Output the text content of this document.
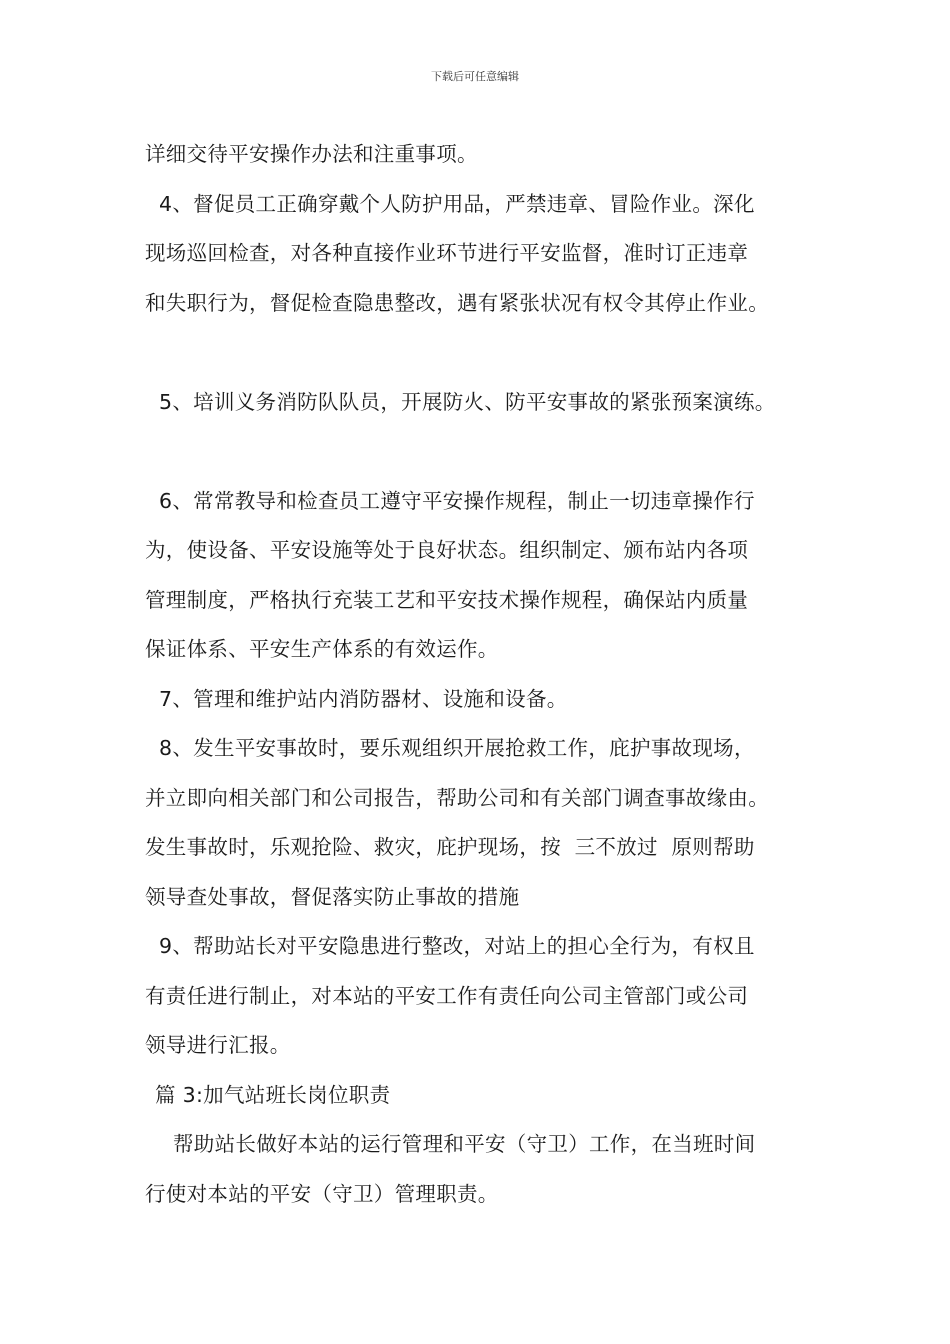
下载后可任意编辑
详细交待平安操作办法和注重事项。
4、督促员工正确穿戴个人防护用品，严禁违章、冒险作业。深化
现场巡回检查，对各种直接作业环节进行平安监督，准时订正违章
和失职行为，督促检查隐患整改，遇有紧张状况有权令其停止作业。
5、培训义务消防队队员，开展防火、防平安事故的紧张预案演练。
6、常常教导和检查员工遵守平安操作规程，制止一切违章操作行
为，使设备、平安设施等处于良好状态。组织制定、颁布站内各项
管理制度，严格执行充装工艺和平安技术操作规程，确保站内质量
保证体系、平安生产体系的有效运作。
7、管理和维护站内消防器材、设施和设备。
8、发生平安事故时，要乐观组织开展抢救工作，庇护事故现场，
并立即向相关部门和公司报告，帮助公司和有关部门调查事故缘由。
发生事故时，乐观抢险、救灾，庇护现场，按  三不放过  原则帮助
领导查处事故，督促落实防止事故的措施
9、帮助站长对平安隐患进行整改，对站上的担心全行为，有权且
有责任进行制止，对本站的平安工作有责任向公司主管部门或公司
领导进行汇报。
篇 3:加气站班长岗位职责
帮助站长做好本站的运行管理和平安（守卫）工作，在当班时间
行使对本站的平安（守卫）管理职责。
